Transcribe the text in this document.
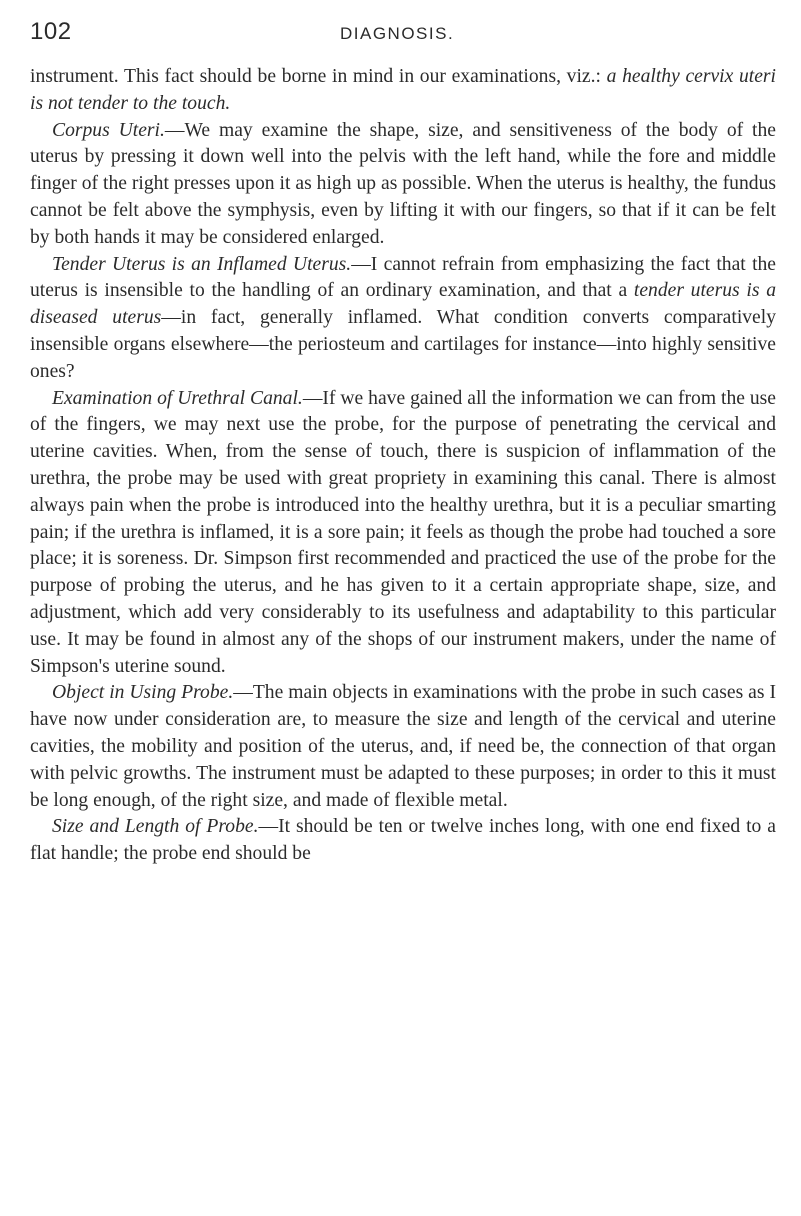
102	DIAGNOSIS.

instrument. This fact should be borne in mind in our examinations, viz.: a healthy cervix uteri is not tender to the touch.

Corpus Uteri.—We may examine the shape, size, and sensitiveness of the body of the uterus by pressing it down well into the pelvis with the left hand, while the fore and middle finger of the right presses upon it as high up as possible. When the uterus is healthy, the fundus cannot be felt above the symphysis, even by lifting it with our fingers, so that if it can be felt by both hands it may be considered enlarged.

Tender Uterus is an Inflamed Uterus.—I cannot refrain from emphasizing the fact that the uterus is insensible to the handling of an ordinary examination, and that a tender uterus is a diseased uterus—in fact, generally inflamed. What condition converts comparatively insensible organs elsewhere—the periosteum and cartilages for instance—into highly sensitive ones?

Examination of Urethral Canal.—If we have gained all the information we can from the use of the fingers, we may next use the probe, for the purpose of penetrating the cervical and uterine cavities. When, from the sense of touch, there is suspicion of inflammation of the urethra, the probe may be used with great propriety in examining this canal. There is almost always pain when the probe is introduced into the healthy urethra, but it is a peculiar smarting pain; if the urethra is inflamed, it is a sore pain; it feels as though the probe had touched a sore place; it is soreness. Dr. Simpson first recommended and practiced the use of the probe for the purpose of probing the uterus, and he has given to it a certain appropriate shape, size, and adjustment, which add very considerably to its usefulness and adaptability to this particular use. It may be found in almost any of the shops of our instrument makers, under the name of Simpson's uterine sound.

Object in Using Probe.—The main objects in examinations with the probe in such cases as I have now under consideration are, to measure the size and length of the cervical and uterine cavities, the mobility and position of the uterus, and, if need be, the connection of that organ with pelvic growths. The instrument must be adapted to these purposes; in order to this it must be long enough, of the right size, and made of flexible metal.

Size and Length of Probe.—It should be ten or twelve inches long, with one end fixed to a flat handle; the probe end should be
